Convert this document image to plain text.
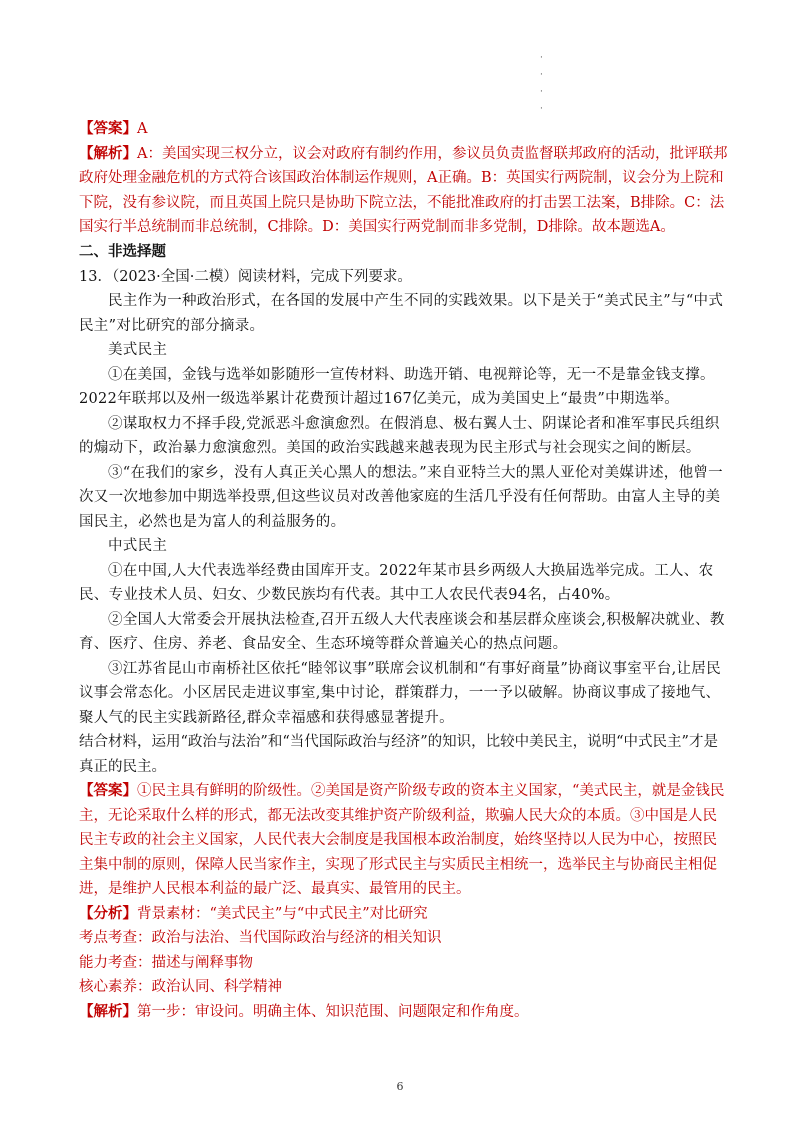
·
·
·
·
【答案】A
【解析】A：美国实现三权分立，议会对政府有制约作用，参议员负责监督联邦政府的活动，批评联邦政府处理金融危机的方式符合该国政治体制运作规则，A正确。B：英国实行两院制，议会分为上院和下院，没有参议院，而且英国上院只是协助下院立法，不能批准政府的打击罢工法案，B排除。C：法国实行半总统制而非总统制，C排除。D：美国实行两党制而非多党制，D排除。故本题选A。
二、非选择题
13．（2023·全国·二模）阅读材料，完成下列要求。
民主作为一种政治形式，在各国的发展中产生不同的实践效果。以下是关于“美式民主”与“中式民主”对比研究的部分摘录。
美式民主
①在美国，金钱与选举如影随形一宣传材料、助选开销、电视辩论等，无一不是靠金钱支撑。2022年联邦以及州一级选举累计花费预计超过167亿美元，成为美国史上“最贵”中期选举。
②谋取权力不择手段,党派恶斗愈演愈烈。在假消息、极右翼人士、阴谋论者和准军事民兵组织的煽动下，政治暴力愈演愈烈。美国的政治实践越来越表现为民主形式与社会现实之间的断层。
③“在我们的家乡，没有人真正关心黑人的想法。”来自亚特兰大的黑人亚伦对美媒讲述，他曾一次又一次地参加中期选举投票,但这些议员对改善他家庭的生活几乎没有任何帮助。由富人主导的美国民主，必然也是为富人的利益服务的。
中式民主
①在中国,人大代表选举经费由国库开支。2022年某市县乡两级人大换届选举完成。工人、农民、专业技术人员、妇女、少数民族均有代表。其中工人农民代表94名，占40%。
②全国人大常委会开展执法检查,召开五级人大代表座谈会和基层群众座谈会,积极解决就业、教育、医疗、住房、养老、食品安全、生态环境等群众普遍关心的热点问题。
③江苏省昆山市南桥社区依托“睦邻议事”联席会议机制和“有事好商量”协商议事室平台,让居民议事会常态化。小区居民走进议事室,集中讨论，群策群力，一一予以破解。协商议事成了接地气、聚人气的民主实践新路径,群众幸福感和获得感显著提升。
结合材料，运用“政治与法治”和“当代国际政治与经济”的知识，比较中美民主，说明“中式民主”才是真正的民主。
【答案】①民主具有鲜明的阶级性。②美国是资产阶级专政的资本主义国家，“美式民主，就是金钱民主，无论采取什么样的形式，都无法改变其维护资产阶级利益，欺骗人民大众的本质。③中国是人民民主专政的社会主义国家，人民代表大会制度是我国根本政治制度，始终坚持以人民为中心，按照民主集中制的原则，保障人民当家作主，实现了形式民主与实质民主相统一，选举民主与协商民主相促进，是维护人民根本利益的最广泛、最真实、最管用的民主。
【分析】背景素材：“美式民主”与“中式民主”对比研究
考点考查：政治与法治、当代国际政治与经济的相关知识
能力考查：描述与阐释事物
核心素养：政治认同、科学精神
【解析】第一步：审设问。明确主体、知识范围、问题限定和作角度。
6
